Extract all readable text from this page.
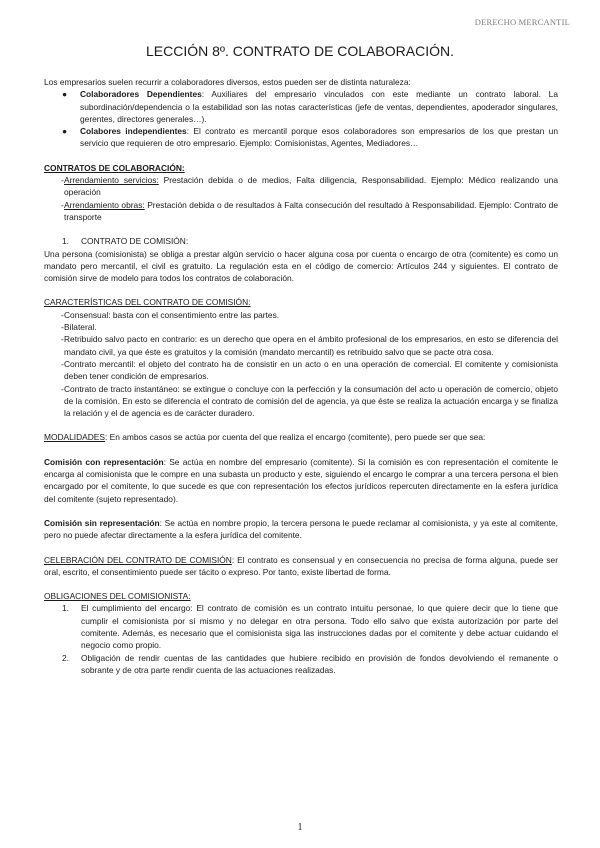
DERECHO MERCANTIL
LECCIÓN 8º. CONTRATO DE COLABORACIÓN.

Los empresarios suelen recurrir a colaboradores diversos, estos pueden ser de distinta naturaleza:

● Colaboradores Dependientes: Auxiliares del empresario vinculados con este mediante un contrato laboral. La subordinación/dependencia o la estabilidad son las notas características (jefe de ventas, dependientes, apoderador singulares, gerentes, directores generales…).
● Colabores independientes: El contrato es mercantil porque esos colaboradores son empresarios de los que prestan un servicio que requieren de otro empresario. Ejemplo: Comisionistas, Agentes, Mediadores…

CONTRATOS DE COLABORACIÓN:

- Arrendamiento servicios: Prestación debida o de medios, Falta diligencia, Responsabilidad. Ejemplo: Médico realizando una operación
- Arrendamiento obras: Prestación debida o de resultados à Falta consecución del resultado à Responsabilidad. Ejemplo: Contrato de transporte
1. CONTRATO DE COMISIÓN:

Una persona (comisionista) se obliga a prestar algún servicio o hacer alguna cosa por cuenta o encargo de otra (comitente) es como un mandato pero mercantil, el civil es gratuito. La regulación esta en el código de comercio: Artículos 244 y siguientes. El contrato de comisión sirve de modelo para todos los contratos de colaboración.

CARACTERÍSTICAS DEL CONTRATO DE COMISIÓN:

- Consensual: basta con el consentimiento entre las partes.
- Bilateral.
- Retribuido salvo pacto en contrario: es un derecho que opera en el ámbito profesional de los empresarios, en esto se diferencia del mandato civil, ya que éste es gratuitos y la comisión (mandato mercantil) es retribuido salvo que se pacte otra cosa.
- Contrato mercantil: el objeto del contrato ha de consistir en un acto o en una operación de comercial. El comitente y comisionista deben tener condición de empresarios.
- Contrato de tracto instantáneo: se extingue o concluye con la perfección y la consumación del acto u operación de comercio, objeto de la comisión. En esto se diferencia el contrato de comisión del de agencia, ya que éste se realiza la actuación encarga y se finaliza la relación y el de agencia es de carácter duradero.

MODALIDADES: En ambos casos se actúa por cuenta del que realiza el encargo (comitente), pero puede ser que sea:

Comisión con representación: Se actúa en nombre del empresario (comitente). Si la comisión es con representación el comitente le encarga al comisionista que le compre en una subasta un producto y este, siguiendo el encargo le comprar a una tercera persona el bien encargado por el comitente, lo que sucede es que con representación los efectos jurídicos repercuten directamente en la esfera jurídica del comitente (sujeto representado).

Comisión sin representación: Se actúa en nombre propio, la tercera persona le puede reclamar al comisionista, y ya este al comitente, pero no puede afectar directamente a la esfera jurídica del comitente.

CELEBRACIÓN DEL CONTRATO DE COMISIÓN: El contrato es consensual y en consecuencia no precisa de forma alguna, puede ser oral, escrito, el consentimiento puede ser tácito o expreso. Por tanto, existe libertad de forma.

OBLIGACIONES DEL COMISIONISTA:

1. El cumplimiento del encargo: El contrato de comisión es un contrato intuitu personae, lo que quiere decir que lo tiene que cumplir el comisionista por sí mismo y no delegar en otra persona. Todo ello salvo que exista autorización por parte del comitente. Además, es necesario que el comisionista siga las instrucciones dadas por el comitente y debe actuar cuidando el negocio como propio.
2. Obligación de rendir cuentas de las cantidades que hubiere recibido en provisión de fondos devolviendo el remanente o sobrante y de otra parte rendir cuenta de las actuaciones realizadas.
1
